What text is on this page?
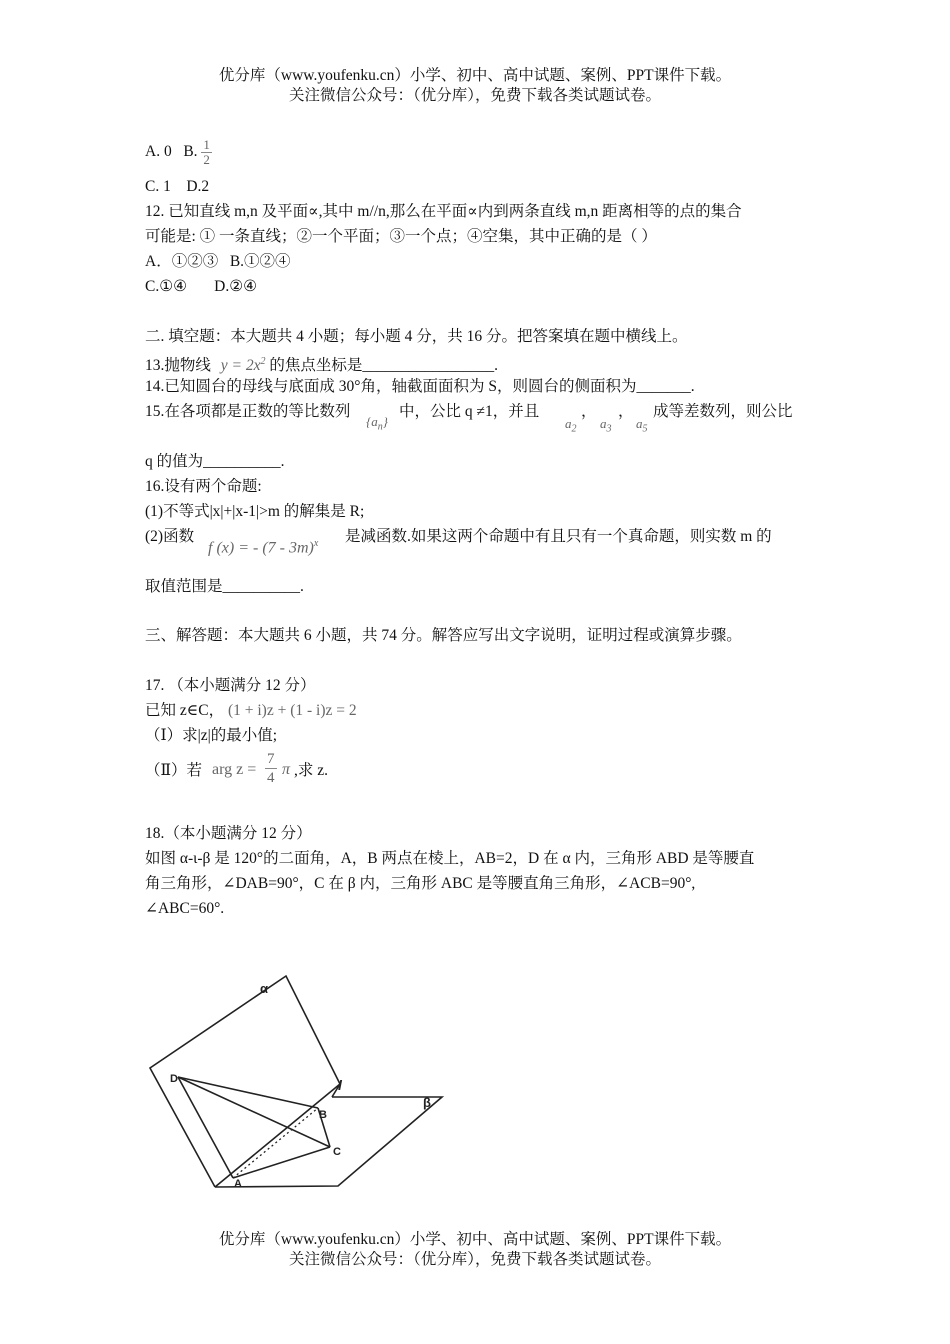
优分库（www.youfenku.cn）小学、初中、高中试题、案例、PPT课件下载。
关注微信公众号：（优分库），免费下载各类试题试卷。
A. 0 B. $\frac{1}{2}$
C. 1 D.2
12. 已知直线 m,n 及平面∝,其中 m//n,那么在平面∝内到两条直线 m,n 距离相等的点的集合
可能是: ① 一条直线；②一个平面；③一个点；④空集，其中正确的是（ ）
A．①②③ B.①②④
C.①④ D.②④
二. 填空题：本大题共 4 小题；每小题 4 分，共 16 分。把答案填在题中横线上。
13.抛物线 $y = 2x^2$ 的焦点坐标是_________________.
14.已知圆台的母线与底面成 30°角，轴截面面积为 S，则圆台的侧面积为_______.
15.在各项都是正数的等比数列
$\{a_n\}$
中，公比 q ≠1，并且
$a_2$
，
$a_3$
，
$a_5$
成等差数列，则公比
q 的值为__________.
16.设有两个命题:
(1)不等式|x|+|x-1|>m 的解集是 R;
(2)函数
f (x) = - (7 - 3m)$^x$ 是减函数.如果这两个命题中有且只有一个真命题，则实数 m 的
取值范围是__________.
三、解答题：本大题共 6 小题，共 74 分。解答应写出文字说明，证明过程或演算步骤。
17. （本小题满分 12 分）
已知 z∈C， (1 + i)z + (1 - i)z = 2
（Ⅰ）求|z|的最小值;
（Ⅱ）若 arg $z = \frac{7}{4}$ π ,求 z.
18.（本小题满分 12 分）
如图 α-ι-β 是 120°的二面角，A，B 两点在棱上，AB=2，D 在 α 内，三角形 ABD 是等腰直
角三角形，∠DAB=90°，C 在 β 内，三角形 ABC 是等腰直角三角形，∠ACB=90°,
∠ABC=60°.
α
β
l
D
B
C
A
优分库（www.youfenku.cn）小学、初中、高中试题、案例、PPT课件下载。
关注微信公众号：（优分库），免费下载各类试题试卷。
